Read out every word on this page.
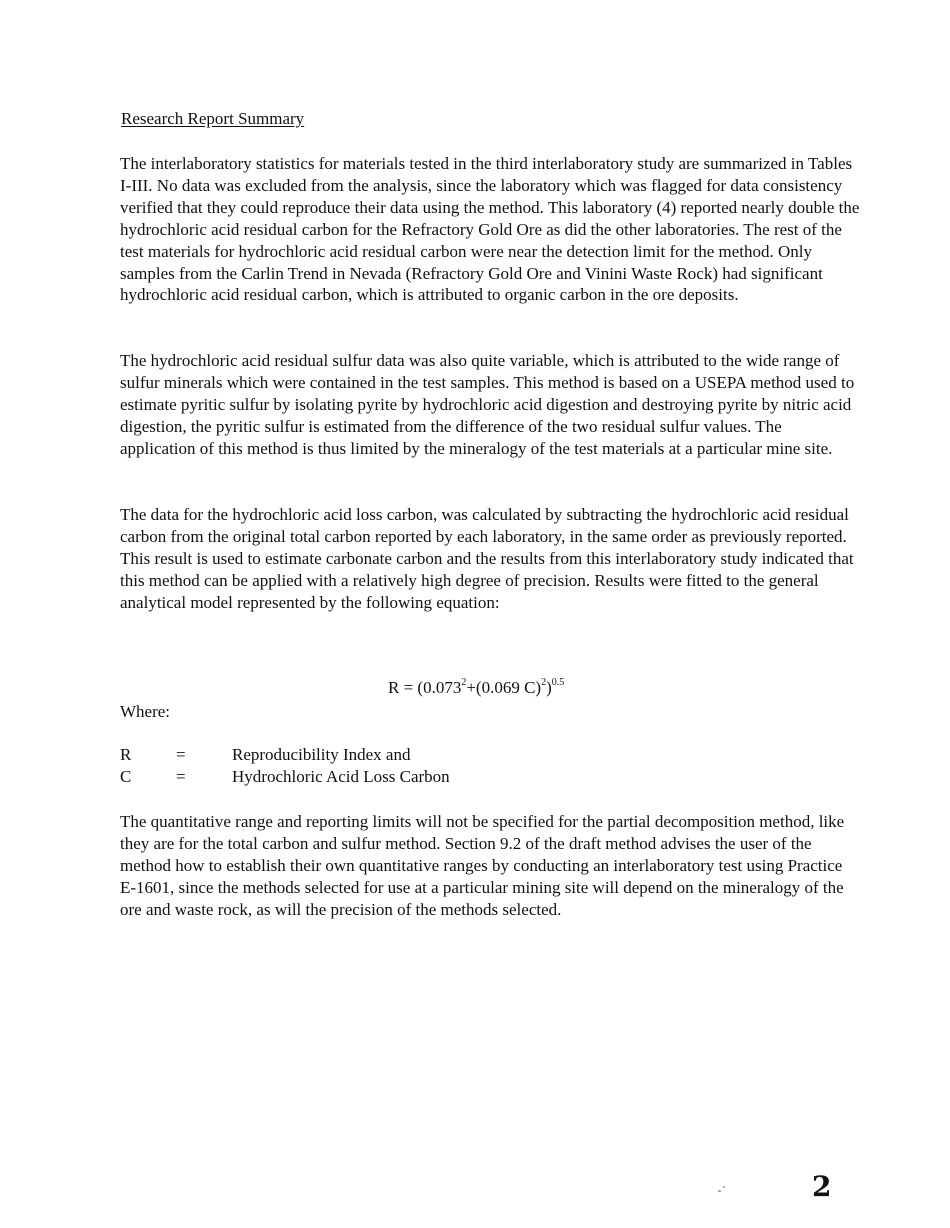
Research Report Summary

The interlaboratory statistics for materials tested in the third interlaboratory study are summarized in Tables I-III. No data was excluded from the analysis, since the laboratory which was flagged for data consistency verified that they could reproduce their data using the method. This laboratory (4) reported nearly double the hydrochloric acid residual carbon for the Refractory Gold Ore as did the other laboratories. The rest of the test materials for hydrochloric acid residual carbon were near the detection limit for the method. Only samples from the Carlin Trend in Nevada (Refractory Gold Ore and Vinini Waste Rock) had significant hydrochloric acid residual carbon, which is attributed to organic carbon in the ore deposits.

The hydrochloric acid residual sulfur data was also quite variable, which is attributed to the wide range of sulfur minerals which were contained in the test samples. This method is based on a USEPA method used to estimate pyritic sulfur by isolating pyrite by hydrochloric acid digestion and destroying pyrite by nitric acid digestion, the pyritic sulfur is estimated from the difference of the two residual sulfur values. The application of this method is thus limited by the mineralogy of the test materials at a particular mine site.

The data for the hydrochloric acid loss carbon, was calculated by subtracting the hydrochloric acid residual carbon from the original total carbon reported by each laboratory, in the same order as previously reported. This result is used to estimate carbonate carbon and the results from this interlaboratory study indicated that this method can be applied with a relatively high degree of precision. Results were fitted to the general analytical model represented by the following equation:

$R = (0.073^2+(0.069$ C)$^2$)$^{0.5}$
Where:
R	=	Reproducibility Index and
C	=	Hydrochloric Acid Loss Carbon

The quantitative range and reporting limits will not be specified for the partial decomposition method, like they are for the total carbon and sulfur method. Section 9.2 of the draft method advises the user of the method how to establish their own quantitative ranges by conducting an interlaboratory test using Practice E-1601, since the methods selected for use at a particular mining site will depend on the mineralogy of the ore and waste rock, as will the precision of the methods selected.

2
